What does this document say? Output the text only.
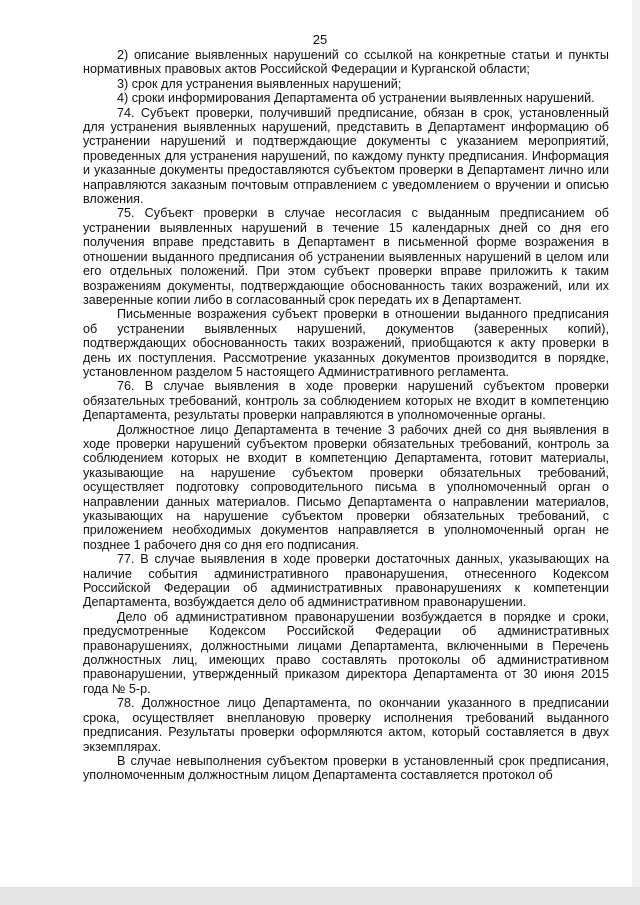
25

2) описание выявленных нарушений со ссылкой на конкретные статьи и пункты нормативных правовых актов Российской Федерации и Курганской области;

3) срок для устранения выявленных нарушений;

4) сроки информирования Департамента об устранении выявленных нарушений.

74. Субъект проверки, получивший предписание, обязан в срок, установленный для устранения выявленных нарушений, представить в Департамент информацию об устранении нарушений и подтверждающие документы с указанием мероприятий, проведенных для устранения нарушений, по каждому пункту предписания. Информация и указанные документы предоставляются субъектом проверки в Департамент лично или направляются заказным почтовым отправлением с уведомлением о вручении и описью вложения.

75. Субъект проверки в случае несогласия с выданным предписанием об устранении выявленных нарушений в течение 15 календарных дней со дня его получения вправе представить в Департамент в письменной форме возражения в отношении выданного предписания об устранении выявленных нарушений в целом или его отдельных положений. При этом субъект проверки вправе приложить к таким возражениям документы, подтверждающие обоснованность таких возражений, или их заверенные копии либо в согласованный срок передать их в Департамент.

Письменные возражения субъект проверки в отношении выданного предписания об устранении выявленных нарушений, документов (заверенных копий), подтверждающих обоснованность таких возражений, приобщаются к акту проверки в день их поступления. Рассмотрение указанных документов производится в порядке, установленном разделом 5 настоящего Административного регламента.

76. В случае выявления в ходе проверки нарушений субъектом проверки обязательных требований, контроль за соблюдением которых не входит в компетенцию Департамента, результаты проверки направляются в уполномоченные органы.

Должностное лицо Департамента в течение 3 рабочих дней со дня выявления в ходе проверки нарушений субъектом проверки обязательных требований, контроль за соблюдением которых не входит в компетенцию Департамента, готовит материалы, указывающие на нарушение субъектом проверки обязательных требований, осуществляет подготовку сопроводительного письма в уполномоченный орган о направлении данных материалов. Письмо Департамента о направлении материалов, указывающих на нарушение субъектом проверки обязательных требований, с приложением необходимых документов направляется в уполномоченный орган не позднее 1 рабочего дня со дня его подписания.

77. В случае выявления в ходе проверки достаточных данных, указывающих на наличие события административного правонарушения, отнесенного Кодексом Российской Федерации об административных правонарушениях к компетенции Департамента, возбуждается дело об административном правонарушении.

Дело об административном правонарушении возбуждается в порядке и сроки, предусмотренные Кодексом Российской Федерации об административных правонарушениях, должностными лицами Департамента, включенными в Перечень должностных лиц, имеющих право составлять протоколы об административном правонарушении, утвержденный приказом директора Департамента от 30 июня 2015 года № 5-р.

78. Должностное лицо Департамента, по окончании указанного в предписании срока, осуществляет внеплановую проверку исполнения требований выданного предписания. Результаты проверки оформляются актом, который составляется в двух экземплярах.

В случае невыполнения субъектом проверки в установленный срок предписания, уполномоченным должностным лицом Департамента составляется протокол об
